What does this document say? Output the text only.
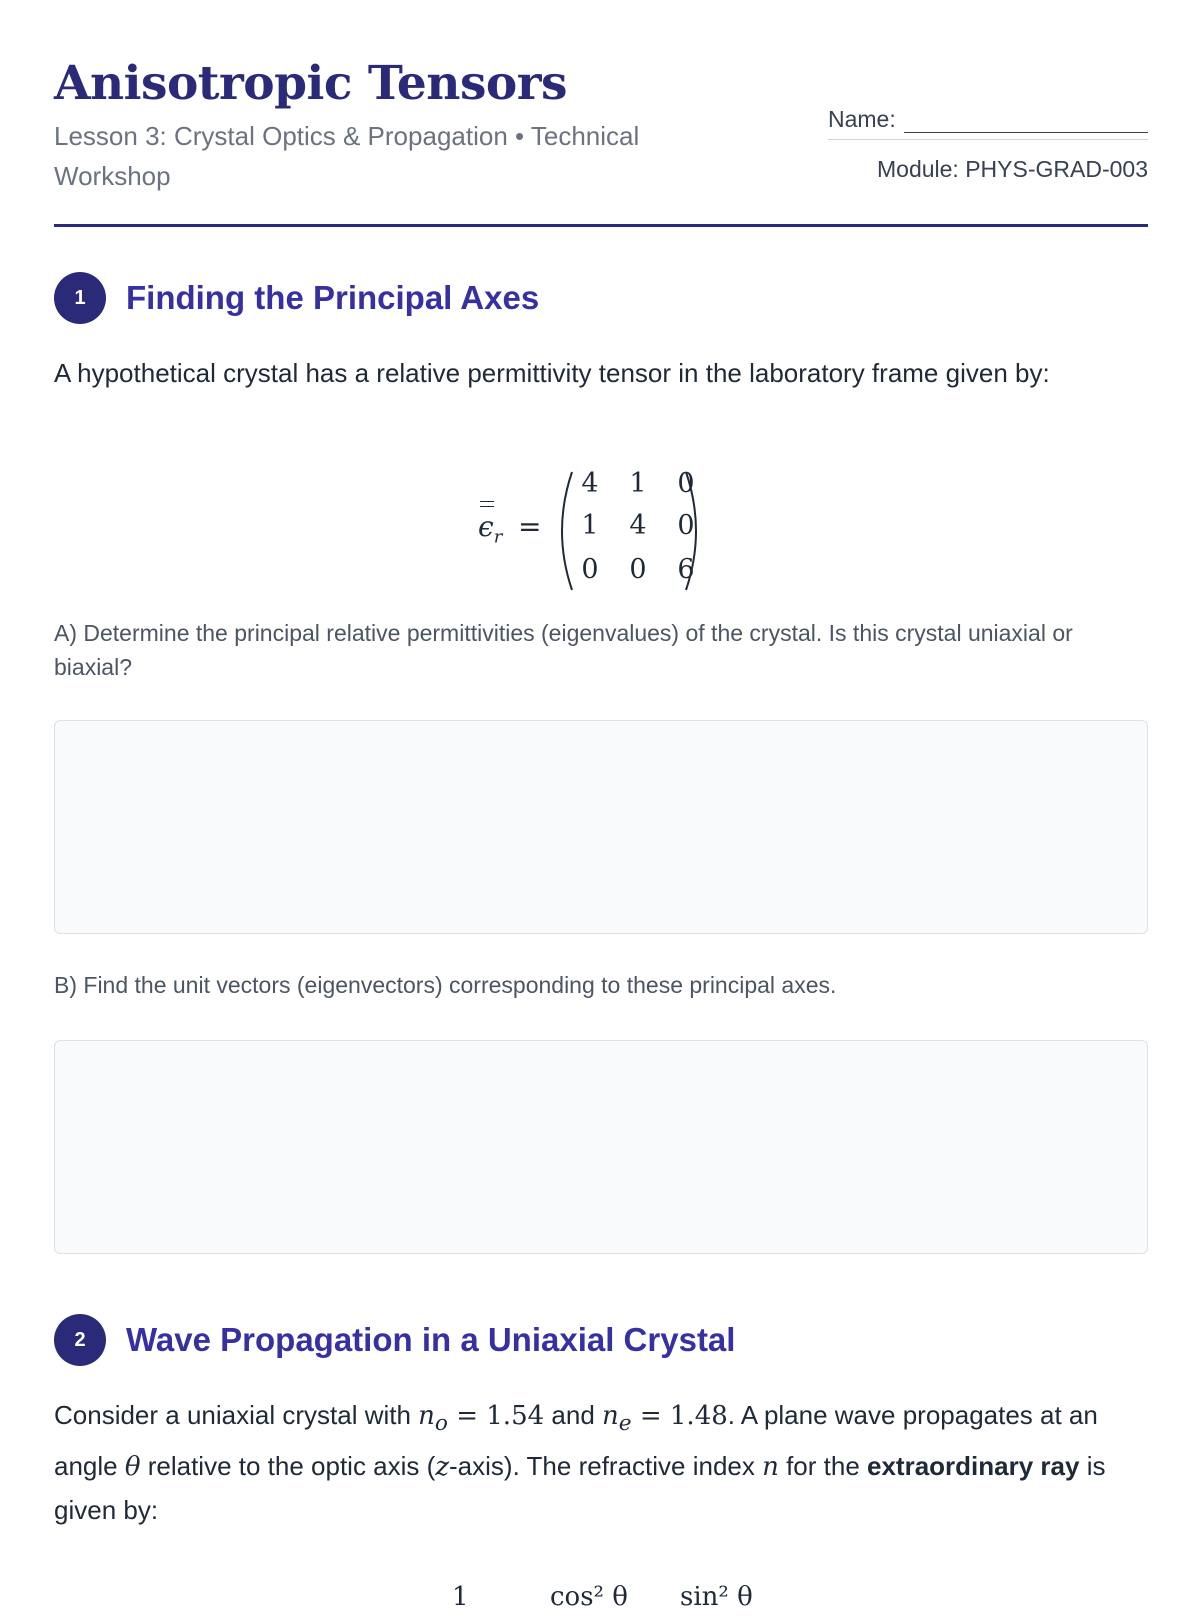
Anisotropic Tensors
Lesson 3: Crystal Optics & Propagation • Technical Workshop
Name:
Module: PHYS-GRAD-003
1	Finding the Principal Axes
A hypothetical crystal has a relative permittivity tensor in the laboratory frame given by:
$\epsilon_r$ =
4	1	0
1	4	0
0	0	6
A) Determine the principal relative permittivities (eigenvalues) of the crystal. Is this crystal uniaxial or biaxial?
B) Find the unit vectors (eigenvectors) corresponding to these principal axes.
2	Wave Propagation in a Uniaxial Crystal
Consider a uniaxial crystal with $n_o = 1.54$ and $n_e = 1.48$. A plane wave propagates at an angle θ relative to the optic axis (z-axis). The refractive index n for the extraordinary ray is given by:
1	cos² θ sin² θ
